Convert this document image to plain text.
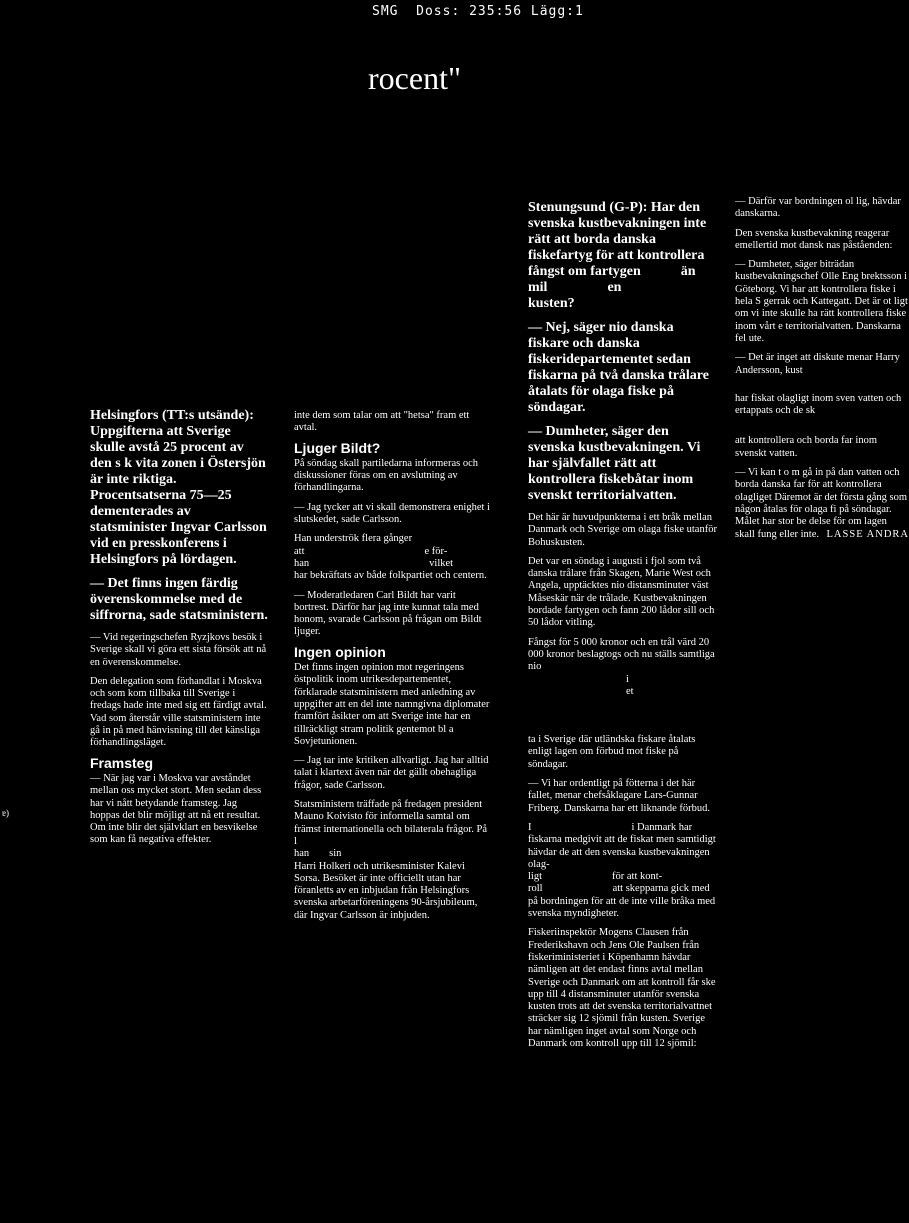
SMG  Doss: 235:56 Lägg:1
rocent"
ɐ)

Helsingfors (TT:s utsände): Uppgifterna att Sverige skulle avstå 25 procent av den s k vita zonen i Östersjön är inte riktiga. Procentsatserna 75—25 dementerades av statsminister Ingvar Carlsson vid en presskonferens i Helsingfors på lördagen.

— Det finns ingen färdig överenskommelse med de siffrorna, sade statsministern.

— Vid regeringschefen Ryzjkovs besök i Sverige skall vi göra ett sista försök att nå en överenskommelse.

Den delegation som förhandlat i Moskva och som kom tillbaka till Sverige i fredags hade inte med sig ett färdigt avtal. Vad som återstår ville statsministern inte gå in på med hänvisning till det känsliga förhandlingsläget.

Framsteg

— När jag var i Moskva var avståndet mellan oss mycket stort. Men sedan dess har vi nått betydande framsteg. Jag hoppas det blir möjligt att nå ett resultat. Om inte blir det självklart en besvikelse som kan få negativa effekter.

inte dem som talar om att "hetsa" fram ett avtal.

Ljuger Bildt?

På söndag skall partiledarna informeras och diskussioner föras om en avslutning av förhandlingarna.

— Jag tycker att vi skall demonstrera enighet i slutskedet, sade Carlsson.

Han underströk flera gånger
att	e för-
han	vilket
har bekräftats av både folkpartiet och centern.

— Moderatledaren Carl Bildt har varit bortrest. Därför har jag inte kunnat tala med honom, svarade Carlsson på frågan om Bildt ljuger.

Ingen opinion

Det finns ingen opinion mot regeringens östpolitik inom utrikesdepartementet, förklarade statsministern med anledning av uppgifter att en del inte namngivna diplomater framfört åsikter om att Sverige inte har en tillräckligt stram politik gentemot bl a Sovjetunionen.

— Jag tar inte kritiken allvarligt. Jag har alltid talat i klartext även när det gällt obehagliga frågor, sade Carlsson.

Statsministern träffade på fredagen president Mauno Koivisto för informella samtal om främst internationella och bilaterala frågor. På l
han sin
Harri Holkeri och utrikesminister Kalevi Sorsa. Besöket är inte officiellt utan har föranletts av en inbjudan från Helsingfors svenska arbetarföreningens 90-årsjubileum, där Ingvar Carlsson är inbjuden.

Stenungsund (G-P): Har den svenska kustbevakningen inte rätt att borda danska fiskefartyg för att kontrollera fångst om fartygen	än
mil	en
kusten?

— Nej, säger nio danska fiskare och danska fiskeridepartementet sedan fiskarna på två danska trålare åtalats för olaga fiske på söndagar.

— Dumheter, säger den svenska kustbevakningen. Vi har självfallet rätt att kontrollera fiskebåtar inom svenskt territorialvatten.

Det här är huvudpunkterna i ett bråk mellan Danmark och Sverige om olaga fiske utanför Bohuskusten.

Det var en söndag i augusti i fjol som två danska trålare från Skagen, Marie West och Angela, upptäcktes nio distansminuter väst Måseskär när de trålade. Kustbevakningen bordade fartygen och fann 200 lådor sill och 50 lådor vitling.

Fångst för 5 000 kronor och en trål värd 20 000 kronor beslagtogs och nu ställs samtliga nio
i
et

ta i Sverige där utländska fiskare åtalats enligt lagen om förbud mot fiske på söndagar.

— Vi har ordentligt på fötterna i det här fallet, menar chefsåklagare Lars-Gunnar Friberg. Danskarna har ett liknande förbud.

I	i Danmark har fiskarna medgivit att de fiskat men samtidigt hävdar de att den svenska kustbevakningen olag-
ligt	för att kont-
roll	att skepparna gick med på bordningen för att de inte ville bråka med svenska myndigheter.

Fiskeriinspektör Mogens Clausen från Frederikshavn och Jens Ole Paulsen från fiskeriministeriet i Köpenhamn hävdar nämligen att det endast finns avtal mellan Sverige och Danmark om att kontroll får ske upp till 4 distansminuter utanför svenska kusten trots att det svenska territorialvattnet sträcker sig 12 sjömil från kusten. Sverige har nämligen inget avtal som Norge och Danmark om kontroll upp till 12 sjömil:

— Därför var bordningen ol lig, hävdar danskarna.

Den svenska kustbevakning reagerar emellertid mot dansk nas påståenden:

— Dumheter, säger biträdan kustbevakningschef Olle Eng brektsson i Göteborg. Vi har att kontrollera fiske i hela S gerrak och Kattegatt. Det är ot ligt om vi inte skulle ha rätt kontrollera fiske inom vårt e territorialvatten. Danskarna fel ute.

— Det är inget att diskute menar Harry Andersson, kust

har fiskat olagligt inom sven vatten och ertappats och de sk

att kontrollera och borda far inom svenskt vatten.

— Vi kan t o m gå in på dan vatten och borda danska far för att kontrollera olagliget Däremot är det första gång som någon åtalas för olaga fi på söndagar. Målet har stor be delse för om lagen skall fung eller inte. LASSE ANDRA
